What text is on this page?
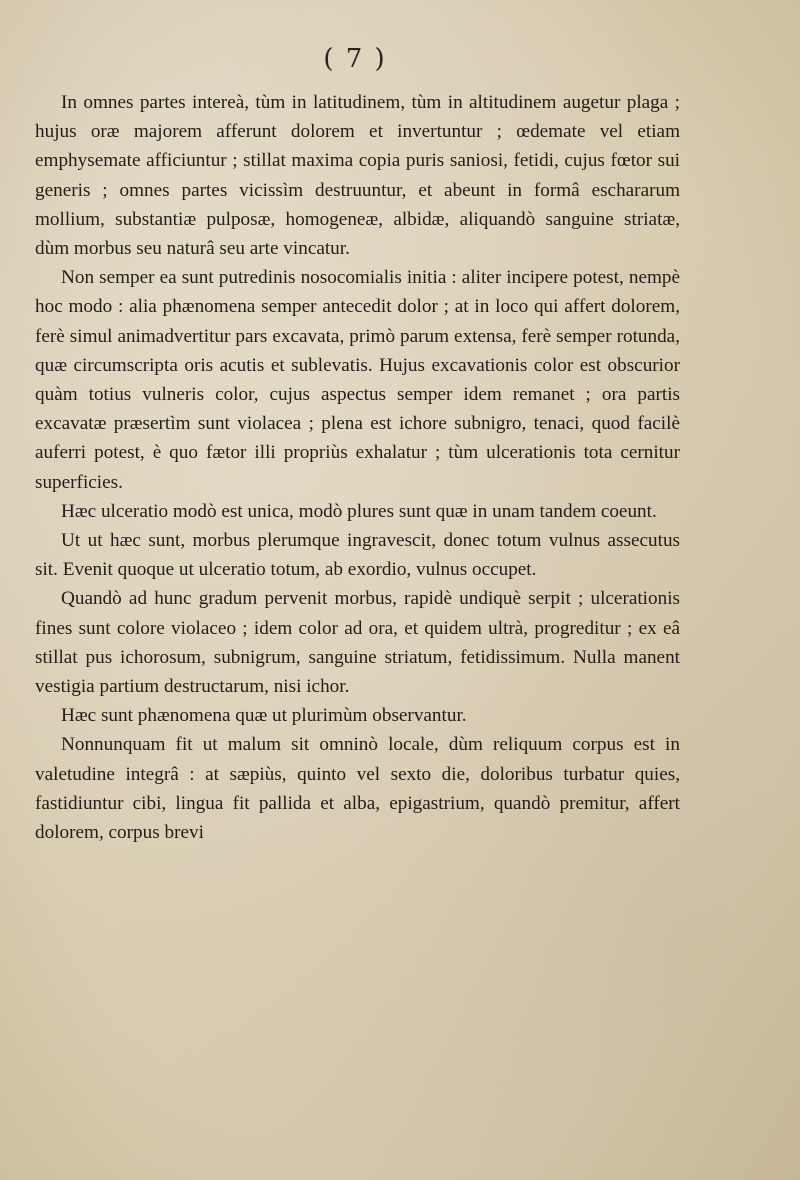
( 7 )

In omnes partes intereà, tùm in latitudinem, tùm in altitudinem augetur plaga ; hujus oræ majorem afferunt dolorem et invertuntur ; œdemate vel etiam emphysemate afficiuntur ; stillat maxima copia puris saniosi, fetidi, cujus fœtor sui generis ; omnes partes vicissìm destruuntur, et abeunt in formâ eschararum mollium, substantiæ pulposæ, homogeneæ, albidæ, aliquandò sanguine striatæ, dùm morbus seu naturâ seu arte vincatur.

Non semper ea sunt putredinis nosocomialis initia : aliter incipere potest, nempè hoc modo : alia phænomena semper antecedit dolor ; at in loco qui affert dolorem, ferè simul animadvertitur pars excavata, primò parum extensa, ferè semper rotunda, quæ circumscripta oris acutis et sublevatis. Hujus excavationis color est obscurior quàm totius vulneris color, cujus aspectus semper idem remanet ; ora partis excavatæ præsertìm sunt violacea ; plena est ichore subnigro, tenaci, quod facilè auferri potest, è quo fætor illi propriùs exhalatur ; tùm ulcerationis tota cernitur superficies.

Hæc ulceratio modò est unica, modò plures sunt quæ in unam tandem coeunt.

Ut ut hæc sunt, morbus plerumque ingravescit, donec totum vulnus assecutus sit. Evenit quoque ut ulceratio totum, ab exordio, vulnus occupet.

Quandò ad hunc gradum pervenit morbus, rapidè undiquè serpit ; ulcerationis fines sunt colore violaceo ; idem color ad ora, et quidem ultrà, progreditur ; ex eâ stillat pus ichorosum, subnigrum, sanguine striatum, fetidissimum. Nulla manent vestigia partium destructarum, nisi ichor.

Hæc sunt phænomena quæ ut plurimùm observantur.

Nonnunquam fit ut malum sit omninò locale, dùm reliquum corpus est in valetudine integrâ : at sæpiùs, quinto vel sexto die, doloribus turbatur quies, fastidiuntur cibi, lingua fit pallida et alba, epigastrium, quandò premitur, affert dolorem, corpus brevi
